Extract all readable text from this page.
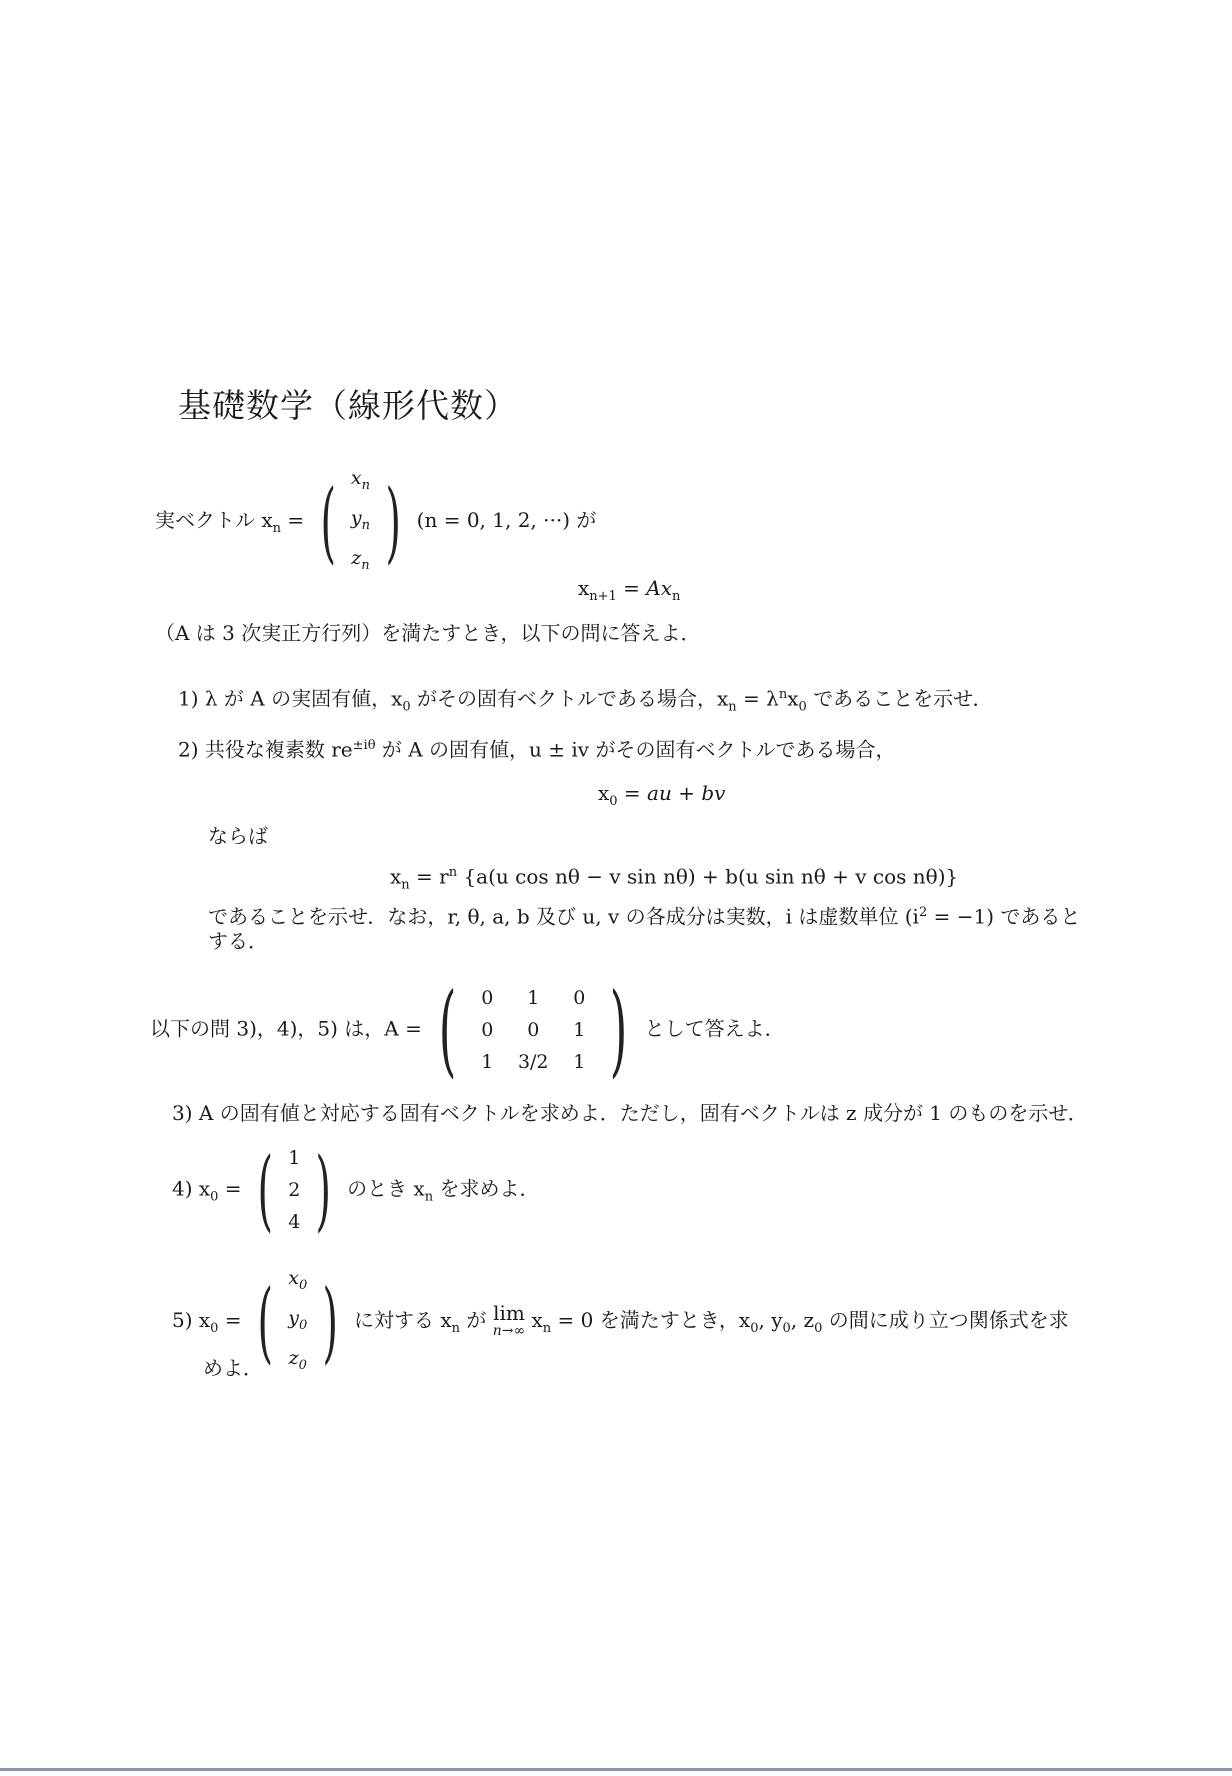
基礎数学（線形代数）
実ベクトル $x_n$ = ( $x_n$
$y_n$
$z_n$ ) (n = 0, 1, 2, ···) が
$x_{n+1} = Ax_n$
（A は 3 次実正方行列）を満たすとき，以下の問に答えよ．
1) λ が A の実固有値，$x_0$ がその固有ベクトルである場合，$x_n = \lambda^nx_0$ であることを示せ．
2) 共役な複素数 $re^{\pm i\theta}$ が A の固有値，u ± iv がその固有ベクトルである場合，
$x_0$ = au + bv
ならば
$x_n = r^n$ {a(u cos nθ − v sin nθ) + b(u sin nθ + v cos nθ)}
であることを示せ．なお，r, θ, a, b 及び u, v の各成分は実数，i は虚数単位 $(i^2 = -1)$ であると
する．
以下の問 3)，4)，5) は，A = (	0	1	0
0	0	1
1	3/2	1 ) として答えよ．
3) A の固有値と対応する固有ベクトルを求めよ．ただし，固有ベクトルは z 成分が 1 のものを示せ．
4) $x_0$ = ( 1
2
4 ) のとき $x_n$ を求めよ．
5) $x_0$ = ( $x_0$
$y_0$
$z_0$ ) に対する $x_n$ が lim
n→∞ $x_n = 0$ を満たすとき，$x_0$, $y_0$, $z_0$ の間に成り立つ関係式を求
めよ．
